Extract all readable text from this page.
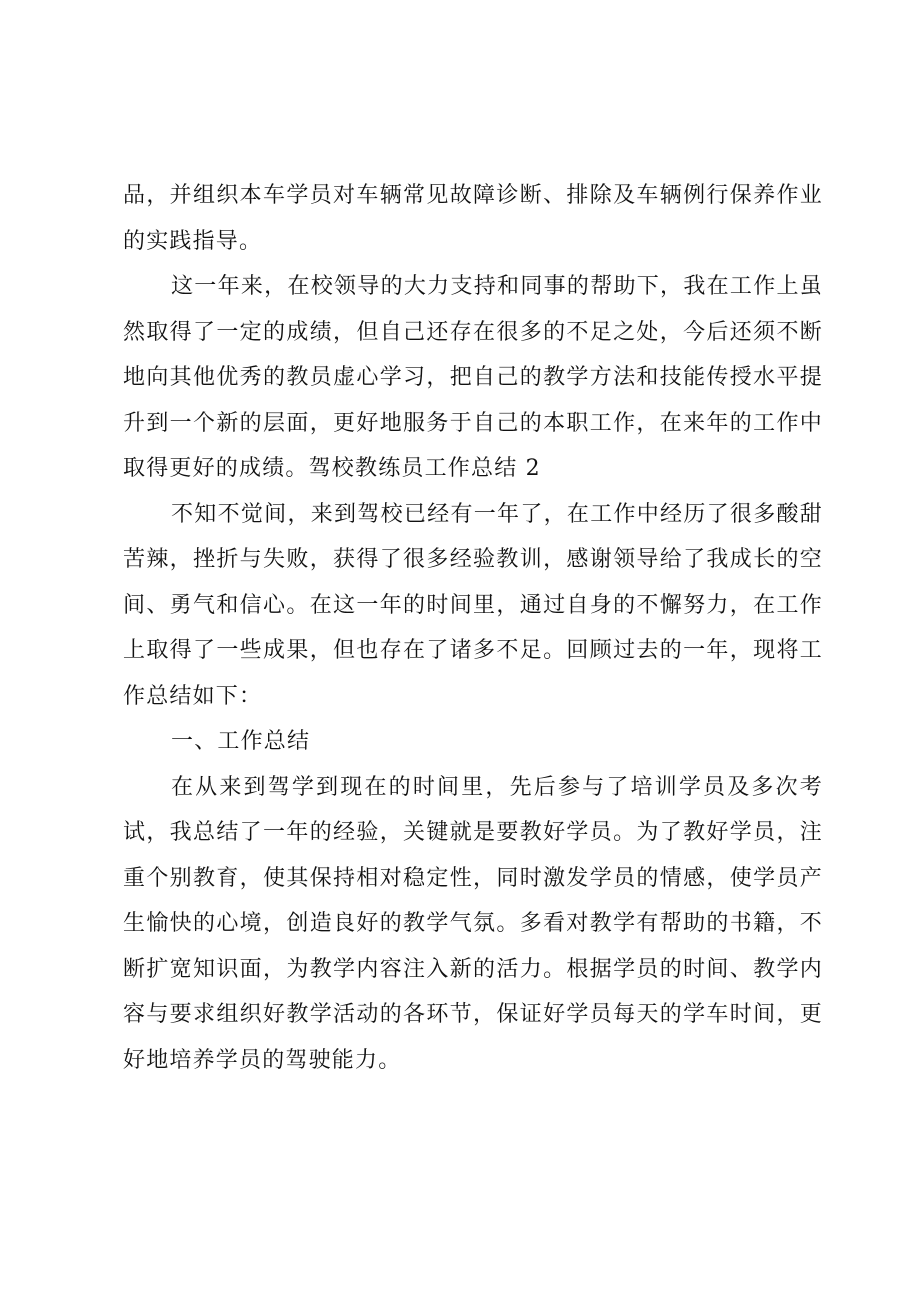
品，并组织本车学员对车辆常见故障诊断、排除及车辆例行保养作业的实践指导。

这一年来，在校领导的大力支持和同事的帮助下，我在工作上虽然取得了一定的成绩，但自己还存在很多的不足之处，今后还须不断地向其他优秀的教员虚心学习，把自己的教学方法和技能传授水平提升到一个新的层面，更好地服务于自己的本职工作，在来年的工作中取得更好的成绩。驾校教练员工作总结 2

不知不觉间，来到驾校已经有一年了，在工作中经历了很多酸甜苦辣，挫折与失败，获得了很多经验教训，感谢领导给了我成长的空间、勇气和信心。在这一年的时间里，通过自身的不懈努力，在工作上取得了一些成果，但也存在了诸多不足。回顾过去的一年，现将工作总结如下：

一、工作总结

在从来到驾学到现在的时间里，先后参与了培训学员及多次考试，我总结了一年的经验，关键就是要教好学员。为了教好学员，注重个别教育，使其保持相对稳定性，同时激发学员的情感，使学员产生愉快的心境，创造良好的教学气氛。多看对教学有帮助的书籍，不断扩宽知识面，为教学内容注入新的活力。根据学员的时间、教学内容与要求组织好教学活动的各环节，保证好学员每天的学车时间，更好地培养学员的驾驶能力。
